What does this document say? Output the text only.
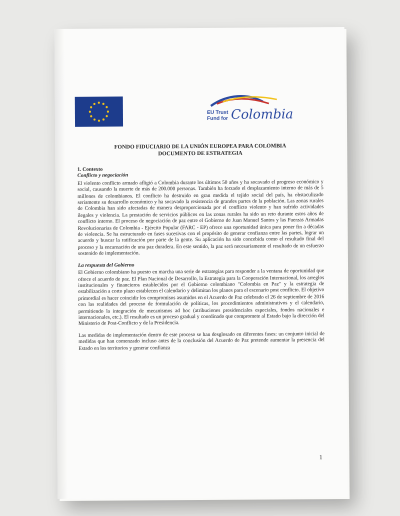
EU Trust
Fund for Colombia
FONDO FIDUCIARIO DE LA UNIÓN EUROPEA PARA COLOMBIA
DOCUMENTO DE ESTRATEGIA

1. Contexto

Conflicto y negociación

El violento conflicto armado afligió a Colombia durante los últimos 50 años y ha socavado el progreso económico y social, causando la muerte de más de 200.000 personas. También ha forzado el desplazamiento interno de más de 5 millones de colombianos. El conflicto ha destruido en gran medida el tejido social del país, ha obstaculizado seriamente su desarrollo económico y ha socavado la resistencia de grandes partes de la población. Las zonas rurales de Colombia han sido afectadas de manera desproporcionada por el conflicto violento y han sufrido actividades ilegales y violencia. La prestación de servicios públicos en las zonas rurales ha sido un reto durante estos años de conflicto interno. El proceso de negociación de paz entre el Gobierno de Juan Manuel Santos y las Fuerzas Armadas Revolucionarias de Colombia - Ejército Popular (FARC - EP) ofrece una oportunidad única para poner fin a décadas de violencia. Se ha estructurado en fases sucesivas con el propósito de generar confianza entre las partes, lograr un acuerdo y buscar la ratificación por parte de la gente. Su aplicación ha sido concebida como el resultado final del proceso y la encarnación de una paz duradera. En este sentido, la paz será necesariamente el resultado de un esfuerzo sostenido de implementación.

La respuesta del Gobierno

El Gobierno colombiano ha puesto en marcha una serie de estrategias para responder a la ventana de oportunidad que ofrece el acuerdo de paz. El Plan Nacional de Desarrollo, la Estrategia para la Cooperación Internacional, los arreglos institucionales y financieros establecidos por el Gobierno colombiano "Colombia en Paz" y la estrategia de estabilización a corto plazo establecen el calendario y delimitan los planes para el escenario post conflicto. El objetivo primordial es hacer coincidir los compromisos asumidos en el Acuerdo de Paz celebrado el 26 de septiembre de 2016 con las realidades del proceso de formulación de políticas, los procedimientos administrativos y el calendario, permitiendo la integración de mecanismos ad hoc (atribuciones presidenciales especiales, fondos nacionales e internacionales, etc.). El resultado es un proceso gradual y coordinado que compromete al Estado bajo la dirección del Ministerio de Post-Conflicto y de la Presidencia.

Las medidas de implementación dentro de este proceso se han desglosado en diferentes fases: un conjunto inicial de medidas que han comenzado incluso antes de la conclusión del Acuerdo de Paz pretende aumentar la presencia del Estado en los territorios y generar confianza

1
